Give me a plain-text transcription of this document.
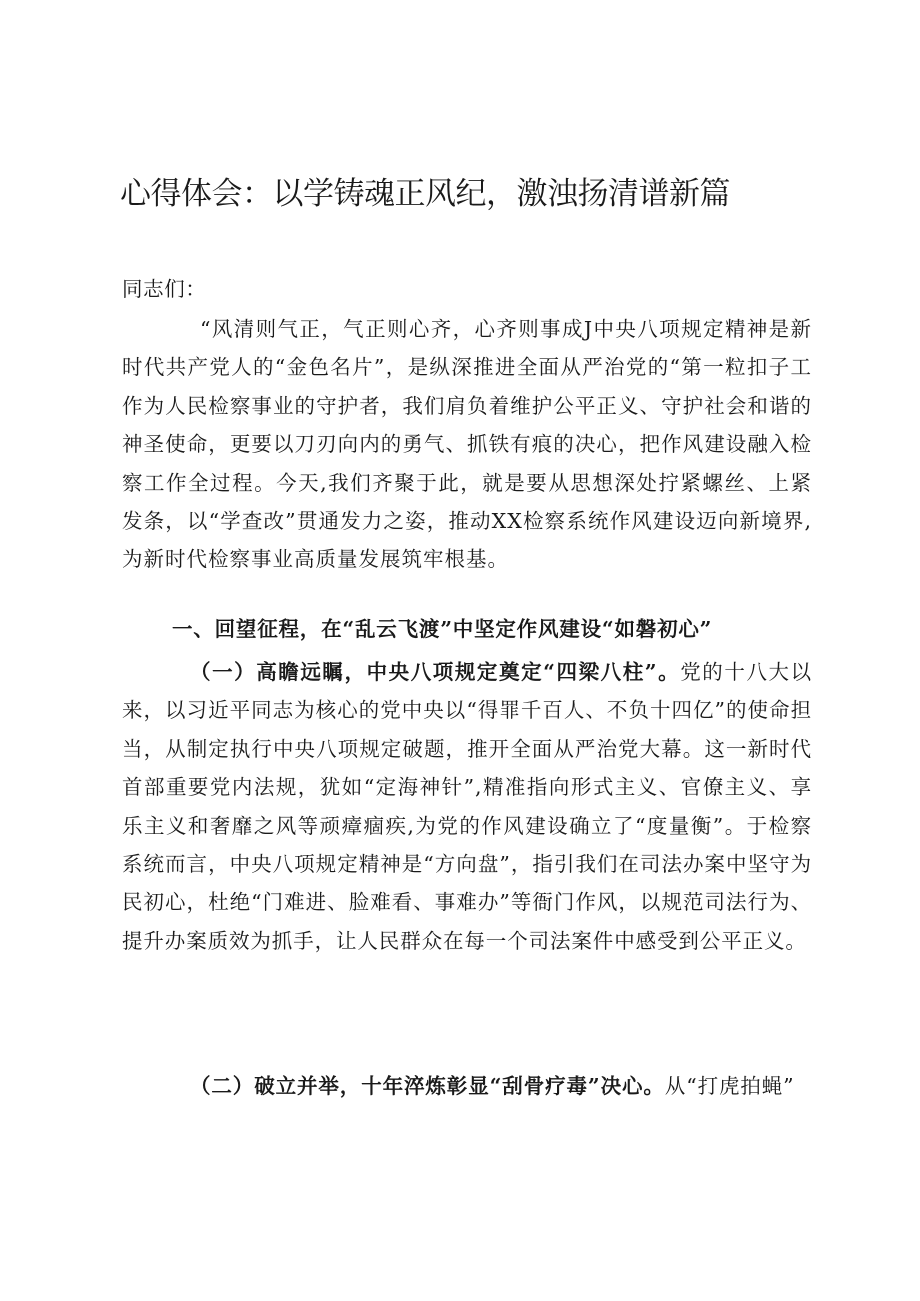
心得体会：以学铸魂正风纪，激浊扬清谱新篇

同志们：

“风清则气正，气正则心齐，心齐则事成J中央八项规定精神是新时代共产党人的“金色名片”，是纵深推进全面从严治党的“第一粒扣子工作为人民检察事业的守护者，我们肩负着维护公平正义、守护社会和谐的神圣使命，更要以刀刃向内的勇气、抓铁有痕的决心，把作风建设融入检察工作全过程。今天,我们齐聚于此，就是要从思想深处拧紧螺丝、上紧发条，以“学查改”贯通发力之姿，推动XX检察系统作风建设迈向新境界,为新时代检察事业高质量发展筑牢根基。

一、回望征程，在“乱云飞渡”中坚定作风建设“如磐初心”

（一）高瞻远瞩，中央八项规定奠定“四梁八柱”。党的十八大以来，以习近平同志为核心的党中央以“得罪千百人、不负十四亿”的使命担当，从制定执行中央八项规定破题，推开全面从严治党大幕。这一新时代首部重要党内法规，犹如“定海神针”,精准指向形式主义、官僚主义、享乐主义和奢靡之风等顽瘴痼疾,为党的作风建设确立了“度量衡”。于检察系统而言，中央八项规定精神是“方向盘”，指引我们在司法办案中坚守为民初心，杜绝“门难进、脸难看、事难办”等衙门作风，以规范司法行为、提升办案质效为抓手，让人民群众在每一个司法案件中感受到公平正义。

（二）破立并举，十年淬炼彰显“刮骨疗毒”决心。从“打虎拍蝇”
